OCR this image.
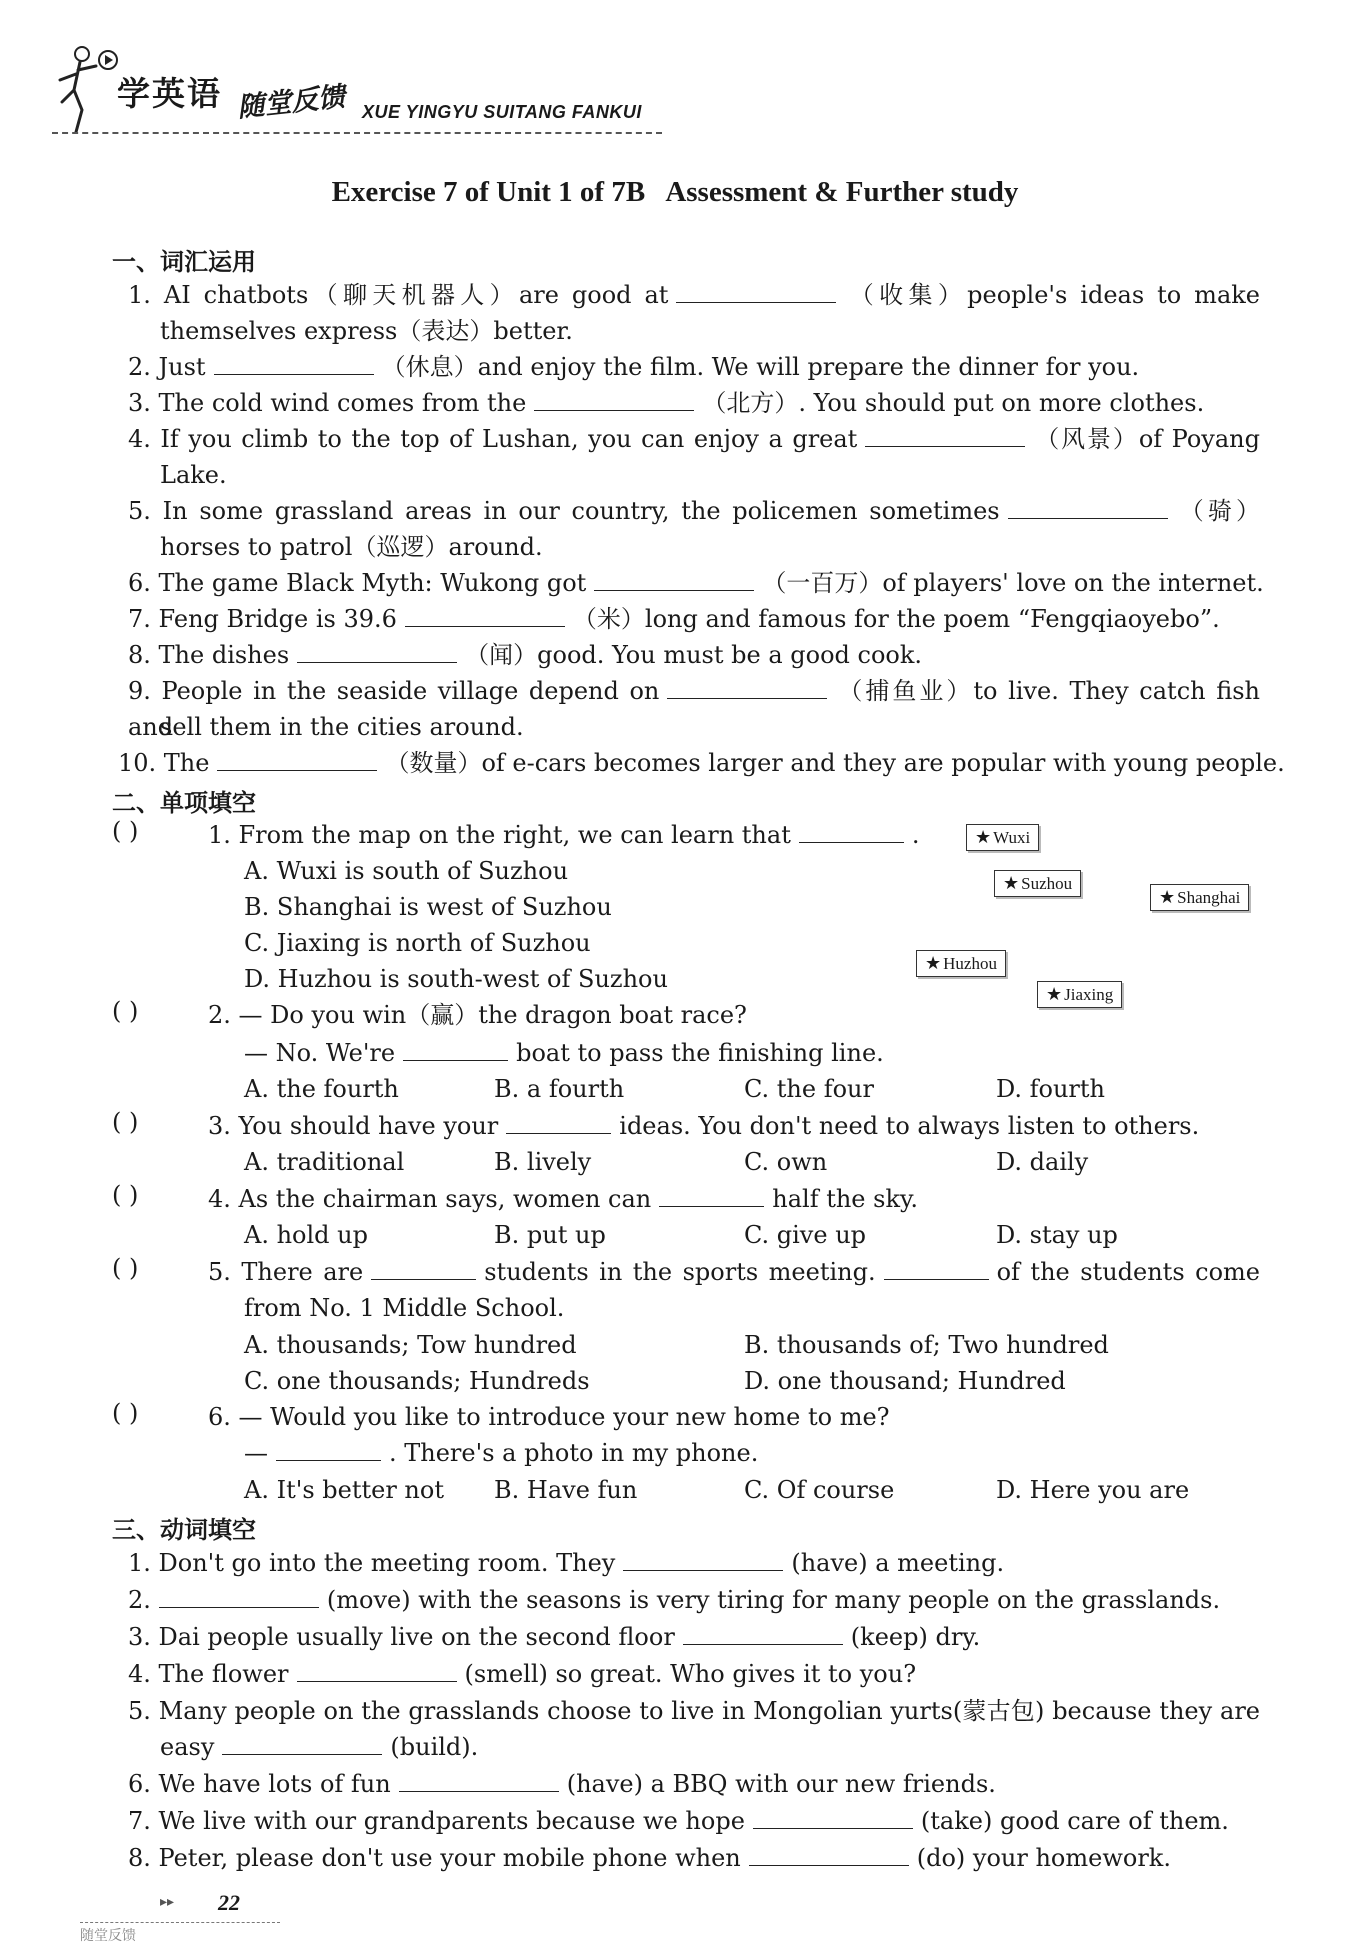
学英语 随堂反馈 XUE YINGYU SUITANG FANKUI
Exercise 7 of Unit 1 of 7B   Assessment & Further study
一、词汇运用
1. AI chatbots（聊天机器人）are good at	（收集）people's ideas to make
themselves express（表达）better.
2. Just	（休息）and enjoy the film. We will prepare the dinner for you.
3. The cold wind comes from the	（北方）. You should put on more clothes.
4. If you climb to the top of Lushan, you can enjoy a great	（风景）of Poyang
Lake.
5. In some grassland areas in our country, the policemen sometimes	（骑）
horses to patrol（巡逻）around.
6. The game Black Myth: Wukong got	（一百万）of players' love on the internet.
7. Feng Bridge is 39.6	（米）long and famous for the poem “Fengqiaoyebo”.
8. The dishes	（闻）good. You must be a good cook.
9. People in the seaside village depend on	（捕鱼业）to live. They catch fish and
sell them in the cities around.
10. The	（数量）of e-cars becomes larger and they are popular with young people.
二、单项填空
( )	1. From the map on the right, we can learn that	.
A. Wuxi is south of Suzhou
B. Shanghai is west of Suzhou
C. Jiaxing is north of Suzhou
D. Huzhou is south-west of Suzhou
★ Wuxi
★ Suzhou
★ Shanghai
★ Huzhou
★ Jiaxing
( )	2. — Do you win（赢）the dragon boat race?
— No. We're	boat to pass the finishing line.
A. the fourth	B. a fourth	C. the four	D. fourth
( )	3. You should have your	ideas. You don't need to always listen to others.
A. traditional	B. lively	C. own	D. daily
( )	4. As the chairman says, women can	half the sky.
A. hold up	B. put up	C. give up	D. stay up
( )	5. There are	students in the sports meeting.	of the students come
from No. 1 Middle School.
A. thousands; Tow hundred	B. thousands of; Two hundred
C. one thousands; Hundreds	D. one thousand; Hundred
( )	6. — Would you like to introduce your new home to me?
—	. There's a photo in my phone.
A. It's better not B. Have fun	C. Of course	D. Here you are
三、动词填空
1. Don't go into the meeting room. They	(have) a meeting.
2.	(move) with the seasons is very tiring for many people on the grasslands.
3. Dai people usually live on the second floor	(keep) dry.
4. The flower	(smell) so great. Who gives it to you?
5. Many people on the grasslands choose to live in Mongolian yurts(蒙古包) because they are
easy	(build).
6. We have lots of fun	(have) a BBQ with our new friends.
7. We live with our grandparents because we hope	(take) good care of them.
8. Peter, please don't use your mobile phone when	(do) your homework.
▸▸ 22
随堂反馈
